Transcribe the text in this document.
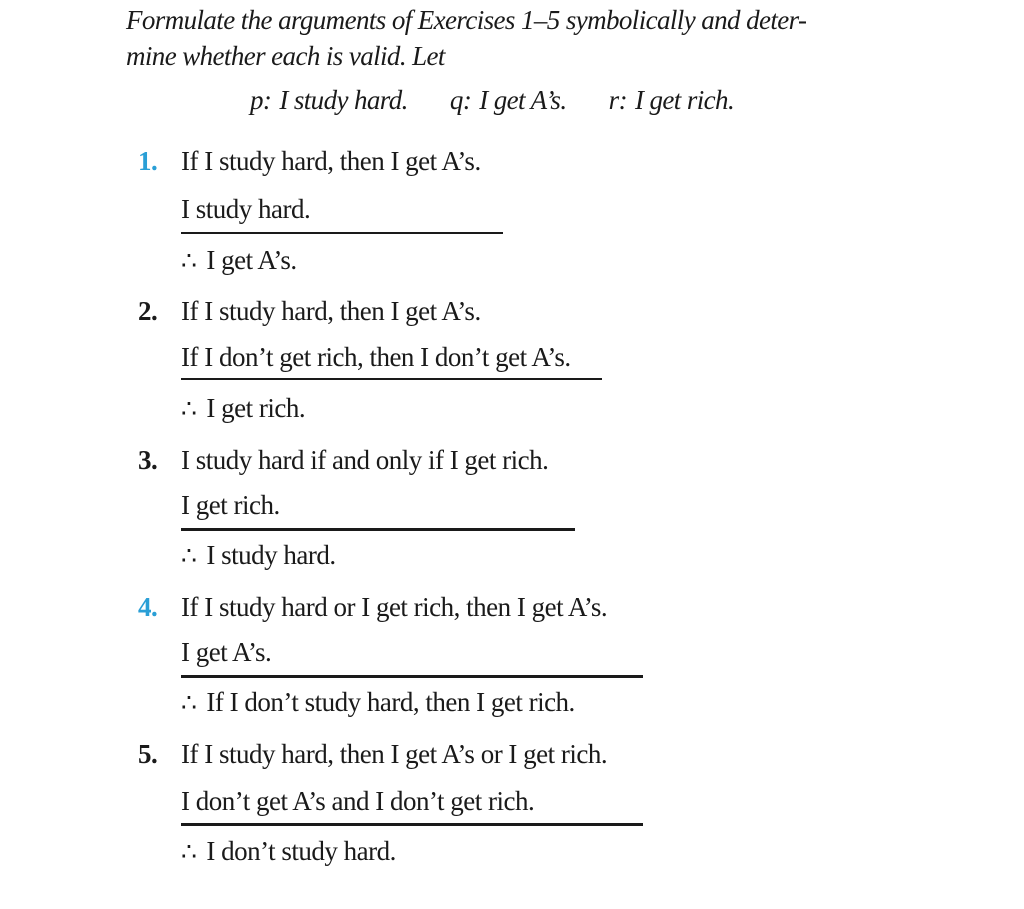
Formulate the arguments of Exercises 1–5 symbolically and deter-
mine whether each is valid. Let
p: I study hard. q: I get A’s. r: I get rich.
1. If I study hard, then I get A’s.
I study hard.
∴ I get A’s.
2. If I study hard, then I get A’s.
If I don’t get rich, then I don’t get A’s.
∴ I get rich.
3. I study hard if and only if I get rich.
I get rich.
∴ I study hard.
4. If I study hard or I get rich, then I get A’s.
I get A’s.
∴ If I don’t study hard, then I get rich.
5. If I study hard, then I get A’s or I get rich.
I don’t get A’s and I don’t get rich.
∴ I don’t study hard.
